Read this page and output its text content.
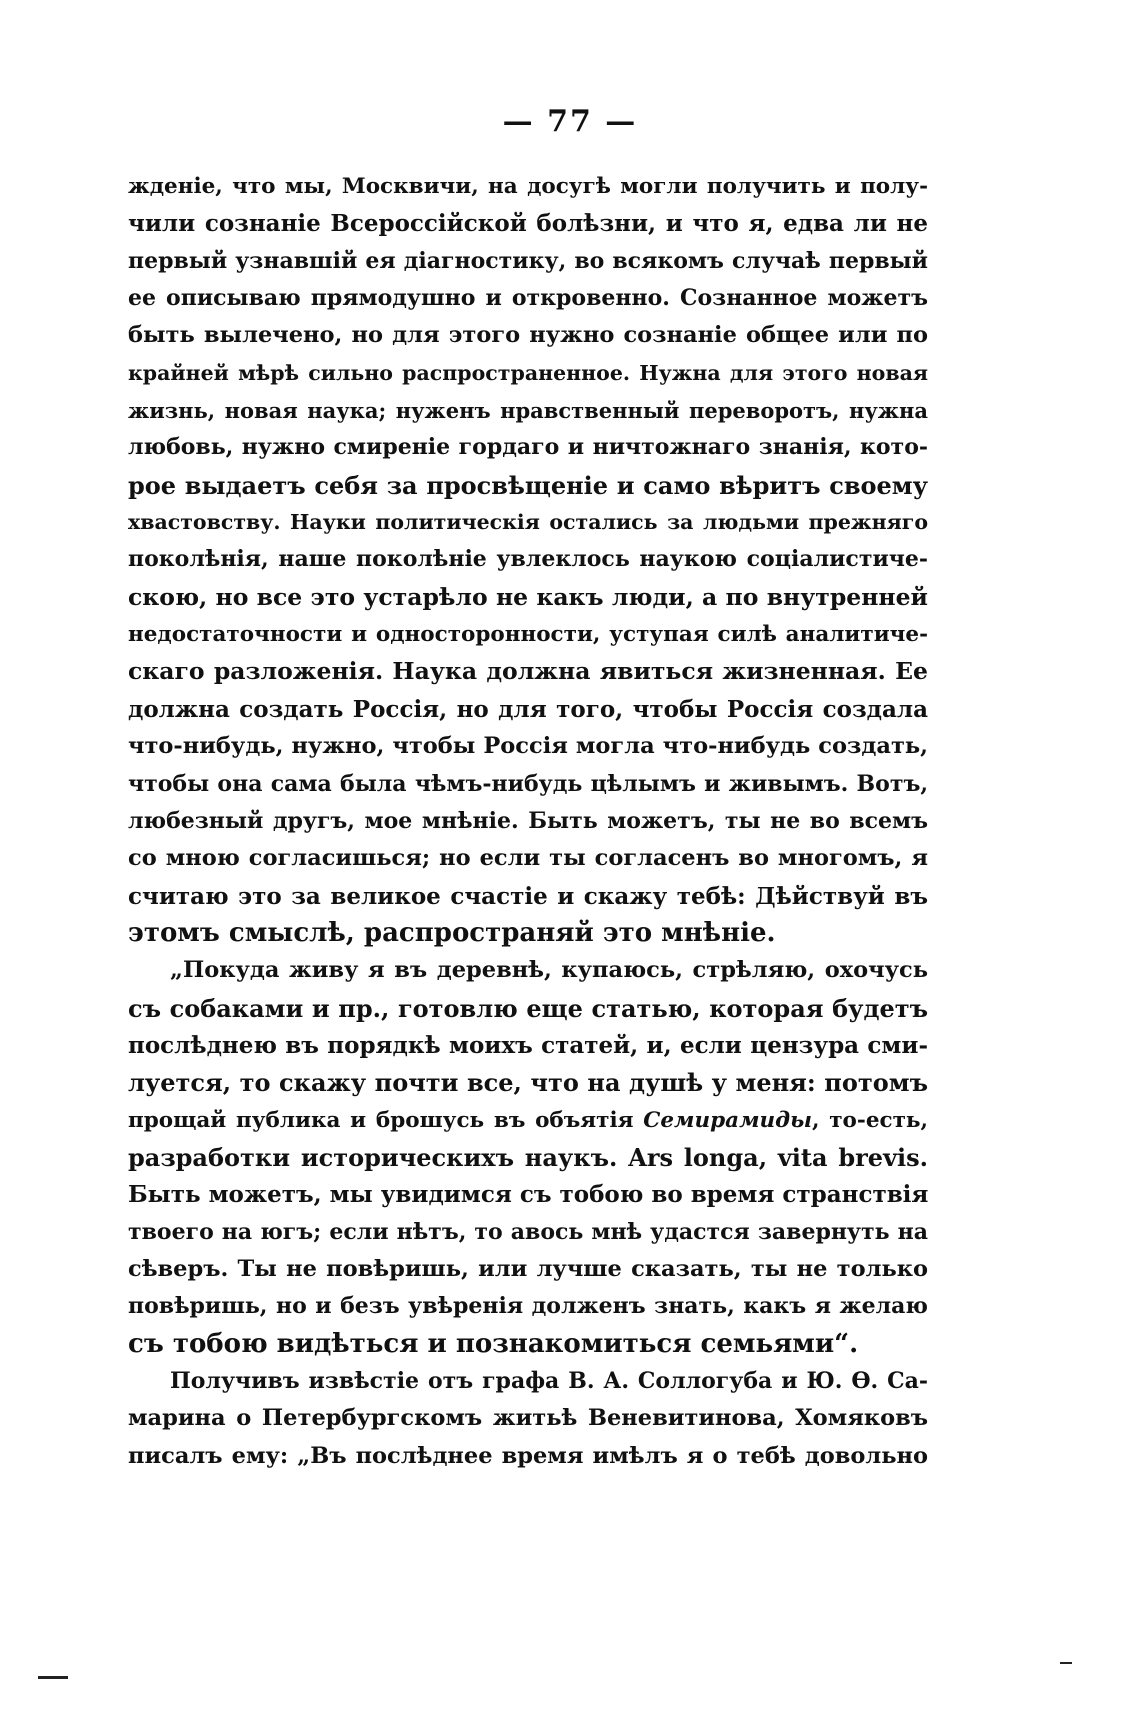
— 77 —
жденіе, что мы, Москвичи, на досугѣ могли получить и полу-
чили сознаніе Всероссійской болѣзни, и что я, едва ли не
первый узнавшій ея діагностику, во всякомъ случаѣ первый
ее описываю прямодушно и откровенно. Сознанное можетъ
быть вылечено, но для этого нужно сознаніе общее или по
крайней мѣрѣ сильно распространенное. Нужна для этого новая
жизнь, новая наука; нуженъ нравственный переворотъ, нужна
любовь, нужно смиреніе гордаго и ничтожнаго знанія, кото-
рое выдаетъ себя за просвѣщеніе и само вѣритъ своему
хвастовству. Науки политическія остались за людьми прежняго
поколѣнія, наше поколѣніе увлеклось наукою соціалистиче-
скою, но все это устарѣло не какъ люди, а по внутренней
недостаточности и односторонности, уступая силѣ аналитиче-
скаго разложенія. Наука должна явиться жизненная. Ее
должна создать Россія, но для того, чтобы Россія создала
что-нибудь, нужно, чтобы Россія могла что-нибудь создать,
чтобы она сама была чѣмъ-нибудь цѣлымъ и живымъ. Вотъ,
любезный другъ, мое мнѣніе. Быть можетъ, ты не во всемъ
со мною согласишься; но если ты согласенъ во многомъ, я
считаю это за великое счастіе и скажу тебѣ: Дѣйствуй въ
этомъ смыслѣ, распространяй это мнѣніе.
„Покуда живу я въ деревнѣ, купаюсь, стрѣляю, охочусь
съ собаками и пр., готовлю еще статью, которая будетъ
послѣднею въ порядкѣ моихъ статей, и, если цензура сми-
луется, то скажу почти все, что на душѣ у меня: потомъ
прощай публика и брошусь въ объятія Семирамиды, то-есть,
разработки историческихъ наукъ. Ars longa, vita brevis.
Быть можетъ, мы увидимся съ тобою во время странствія
твоего на югъ; если нѣтъ, то авось мнѣ удастся завернуть на
сѣверъ. Ты не повѣришь, или лучше сказать, ты не только
повѣришь, но и безъ увѣренія долженъ знать, какъ я желаю
съ тобою видѣться и познакомиться семьями“.
Получивъ извѣстіе отъ графа В. А. Соллогуба и Ю. Ѳ. Са-
марина о Петербургскомъ житьѣ Веневитинова, Хомяковъ
писалъ ему: „Въ послѣднее время имѣлъ я о тебѣ довольно
